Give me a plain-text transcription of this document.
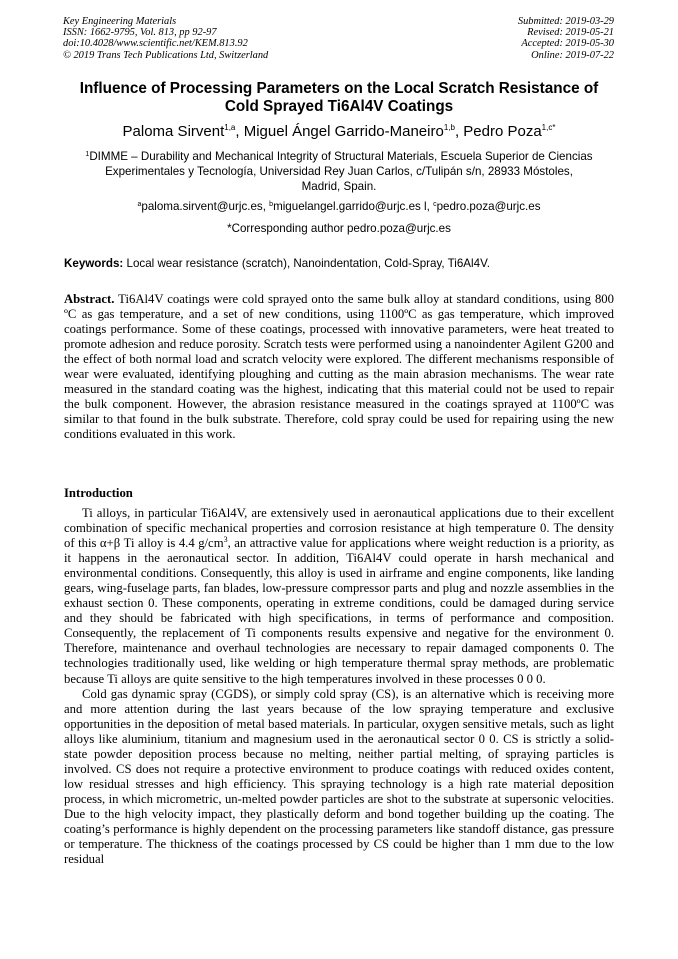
Key Engineering Materials
ISSN: 1662-9795, Vol. 813, pp 92-97
doi:10.4028/www.scientific.net/KEM.813.92
© 2019 Trans Tech Publications Ltd, Switzerland
Submitted: 2019-03-29
Revised: 2019-05-21
Accepted: 2019-05-30
Online: 2019-07-22
Influence of Processing Parameters on the Local Scratch Resistance of
Cold Sprayed Ti6Al4V Coatings
Paloma Sirvent$^{1,a}$, Miguel Ángel Garrido-Maneiro$^{1,b}$, Pedro Poza$^{1,c*}$
$^1$DIMME – Durability and Mechanical Integrity of Structural Materials, Escuela Superior de Ciencias
Experimentales y Tecnología, Universidad Rey Juan Carlos, c/Tulipán s/n, 28933 Móstoles,
Madrid, Spain.
$^a$paloma.sirvent@urjc.es, $^b$miguelangel.garrido@urjc.es l, $^c$pedro.poza@urjc.es
*Corresponding author pedro.poza@urjc.es
Keywords: Local wear resistance (scratch), Nanoindentation, Cold-Spray, Ti6Al4V.
Abstract. Ti6Al4V coatings were cold sprayed onto the same bulk alloy at standard conditions, using 800 ºC as gas temperature, and a set of new conditions, using 1100ºC as gas temperature, which improved coatings performance. Some of these coatings, processed with innovative parameters, were heat treated to promote adhesion and reduce porosity. Scratch tests were performed using a nanoindenter Agilent G200 and the effect of both normal load and scratch velocity were explored. The different mechanisms responsible of wear were evaluated, identifying ploughing and cutting as the main abrasion mechanisms. The wear rate measured in the standard coating was the highest, indicating that this material could not be used to repair the bulk component. However, the abrasion resistance measured in the coatings sprayed at 1100ºC was similar to that found in the bulk substrate. Therefore, cold spray could be used for repairing using the new conditions evaluated in this work.
Introduction

Ti alloys, in particular Ti6Al4V, are extensively used in aeronautical applications due to their excellent combination of specific mechanical properties and corrosion resistance at high temperature 0. The density of this α+β Ti alloy is 4.4 $g/cm^3$, an attractive value for applications where weight reduction is a priority, as it happens in the aeronautical sector. In addition, Ti6Al4V could operate in harsh mechanical and environmental conditions. Consequently, this alloy is used in airframe and engine components, like landing gears, wing-fuselage parts, fan blades, low-pressure compressor parts and plug and nozzle assemblies in the exhaust section 0. These components, operating in extreme conditions, could be damaged during service and they should be fabricated with high specifications, in terms of performance and composition. Consequently, the replacement of Ti components results expensive and negative for the environment 0. Therefore, maintenance and overhaul technologies are necessary to repair damaged components 0. The technologies traditionally used, like welding or high temperature thermal spray methods, are problematic because Ti alloys are quite sensitive to the high temperatures involved in these processes 0 0 0.

Cold gas dynamic spray (CGDS), or simply cold spray (CS), is an alternative which is receiving more and more attention during the last years because of the low spraying temperature and exclusive opportunities in the deposition of metal based materials. In particular, oxygen sensitive metals, such as light alloys like aluminium, titanium and magnesium used in the aeronautical sector 0 0. CS is strictly a solid-state powder deposition process because no melting, neither partial melting, of spraying particles is involved. CS does not require a protective environment to produce coatings with reduced oxides content, low residual stresses and high efficiency. This spraying technology is a high rate material deposition process, in which micrometric, un-melted powder particles are shot to the substrate at supersonic velocities. Due to the high velocity impact, they plastically deform and bond together building up the coating. The coating’s performance is highly dependent on the processing parameters like standoff distance, gas pressure or temperature. The thickness of the coatings processed by CS could be higher than 1 mm due to the low residual
